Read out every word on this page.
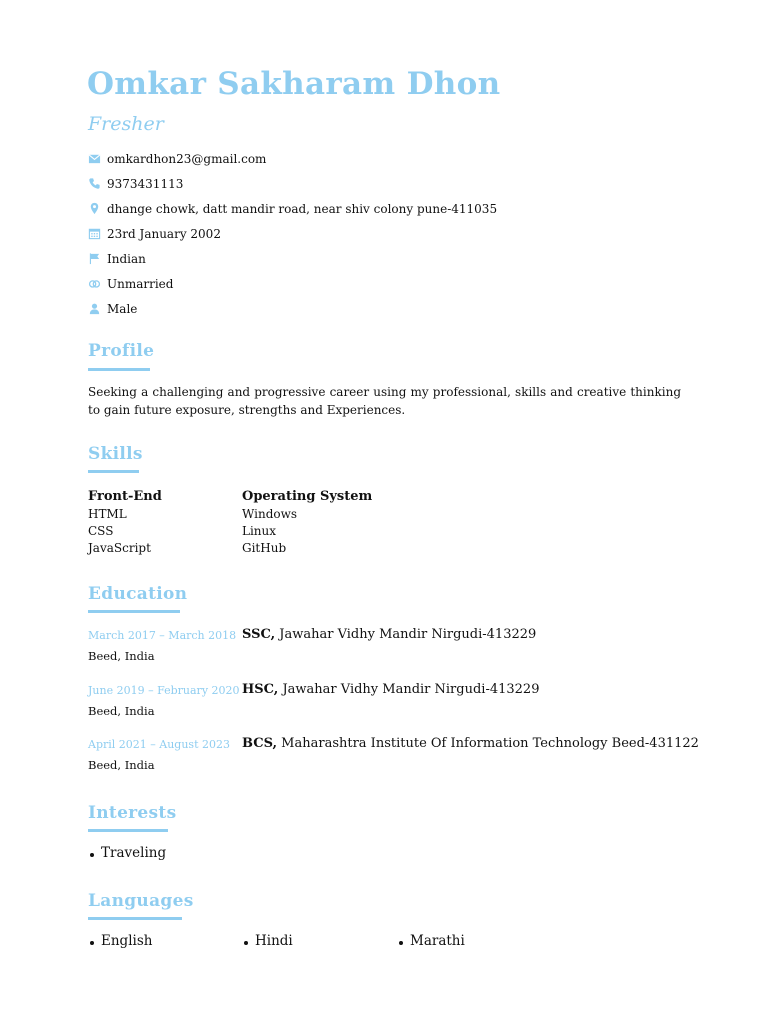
Omkar Sakharam Dhon
Fresher
omkardhon23@gmail.com
9373431113
dhange chowk, datt mandir road, near shiv colony pune-411035
23rd January 2002
Indian
Unmarried
Male
Profile
Seeking a challenging and progressive career using my professional, skills and creative thinking to gain future exposure, strengths and Experiences.
Skills
Front-End
HTML
CSS
JavaScript
Operating System
Windows
Linux
GitHub
Education
March 2017 – March 2018
Beed, India
SSC, Jawahar Vidhy Mandir Nirgudi-413229
June 2019 – February 2020
Beed, India
HSC, Jawahar Vidhy Mandir Nirgudi-413229
April 2021 – August 2023
Beed, India
BCS, Maharashtra Institute Of Information Technology Beed-431122
Interests
Traveling
Languages
English	Hindi	Marathi
